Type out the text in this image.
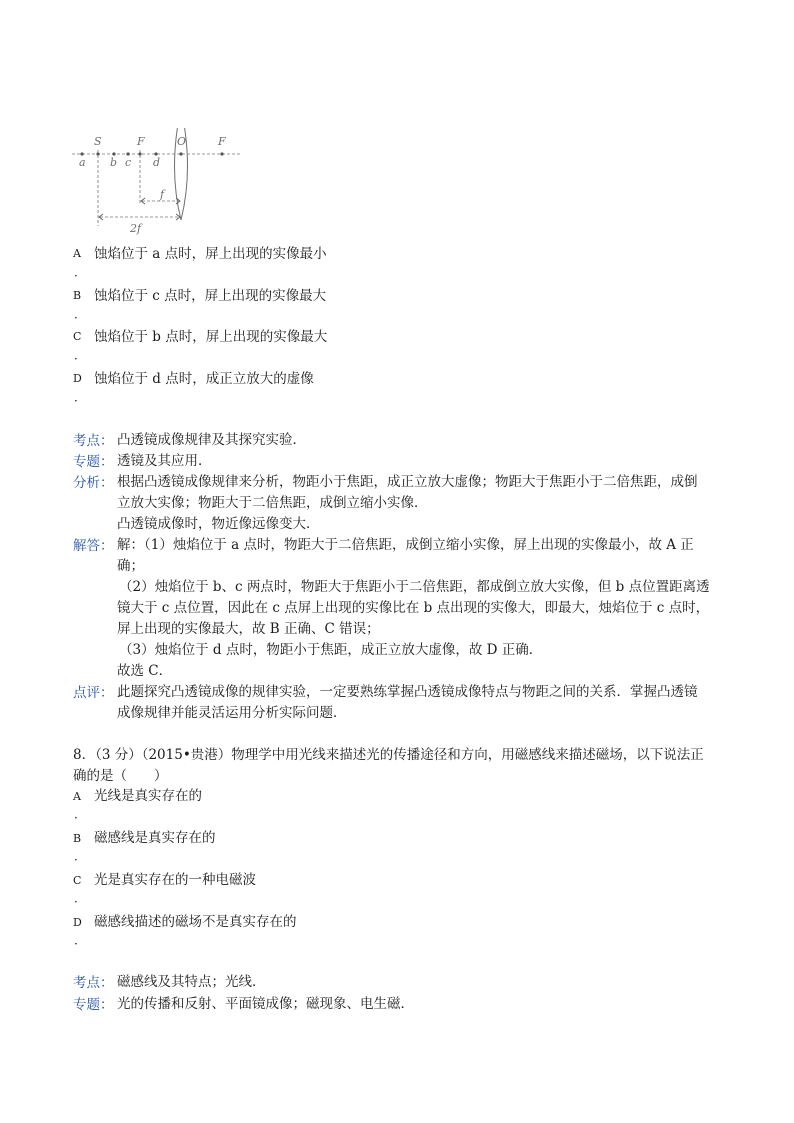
a
S
b c
F
d
O	F
f
2f
A 蚀焰位于 a 点时，屏上出现的实像最小
·
B 蚀焰位于 c 点时，屏上出现的实像最大
·
C 蚀焰位于 b 点时，屏上出现的实像最大
·
D 蚀焰位于 d 点时，成正立放大的虚像
·
考点： 凸透镜成像规律及其探究实验．
专题： 透镜及其应用．
分析： 根据凸透镜成像规律来分析，物距小于焦距，成正立放大虚像；物距大于焦距小于二倍焦距，成倒
立放大实像；物距大于二倍焦距，成倒立缩小实像．
凸透镜成像时，物近像远像变大．
解答： 解：（1）烛焰位于 a 点时，物距大于二倍焦距，成倒立缩小实像，屏上出现的实像最小，故 A 正
确；
（2）烛焰位于 b、c 两点时，物距大于焦距小于二倍焦距，都成倒立放大实像，但 b 点位置距离透
镜大于 c 点位置，因此在 c 点屏上出现的实像比在 b 点出现的实像大，即最大，烛焰位于 c 点时，
屏上出现的实像最大，故 B 正确、C 错误；
（3）烛焰位于 d 点时，物距小于焦距，成正立放大虚像，故 D 正确．
故选 C．
点评： 此题探究凸透镜成像的规律实验，一定要熟练掌握凸透镜成像特点与物距之间的关系．掌握凸透镜
成像规律并能灵活运用分析实际问题．
8．（3 分）（2015•贵港）物理学中用光线来描述光的传播途径和方向，用磁感线来描述磁场，以下说法正
确的是（　　）
A 光线是真实存在的
·
B 磁感线是真实存在的
·
C 光是真实存在的一种电磁波
·
D 磁感线描述的磁场不是真实存在的
·
考点： 磁感线及其特点；光线．
专题： 光的传播和反射、平面镜成像；磁现象、电生磁．
